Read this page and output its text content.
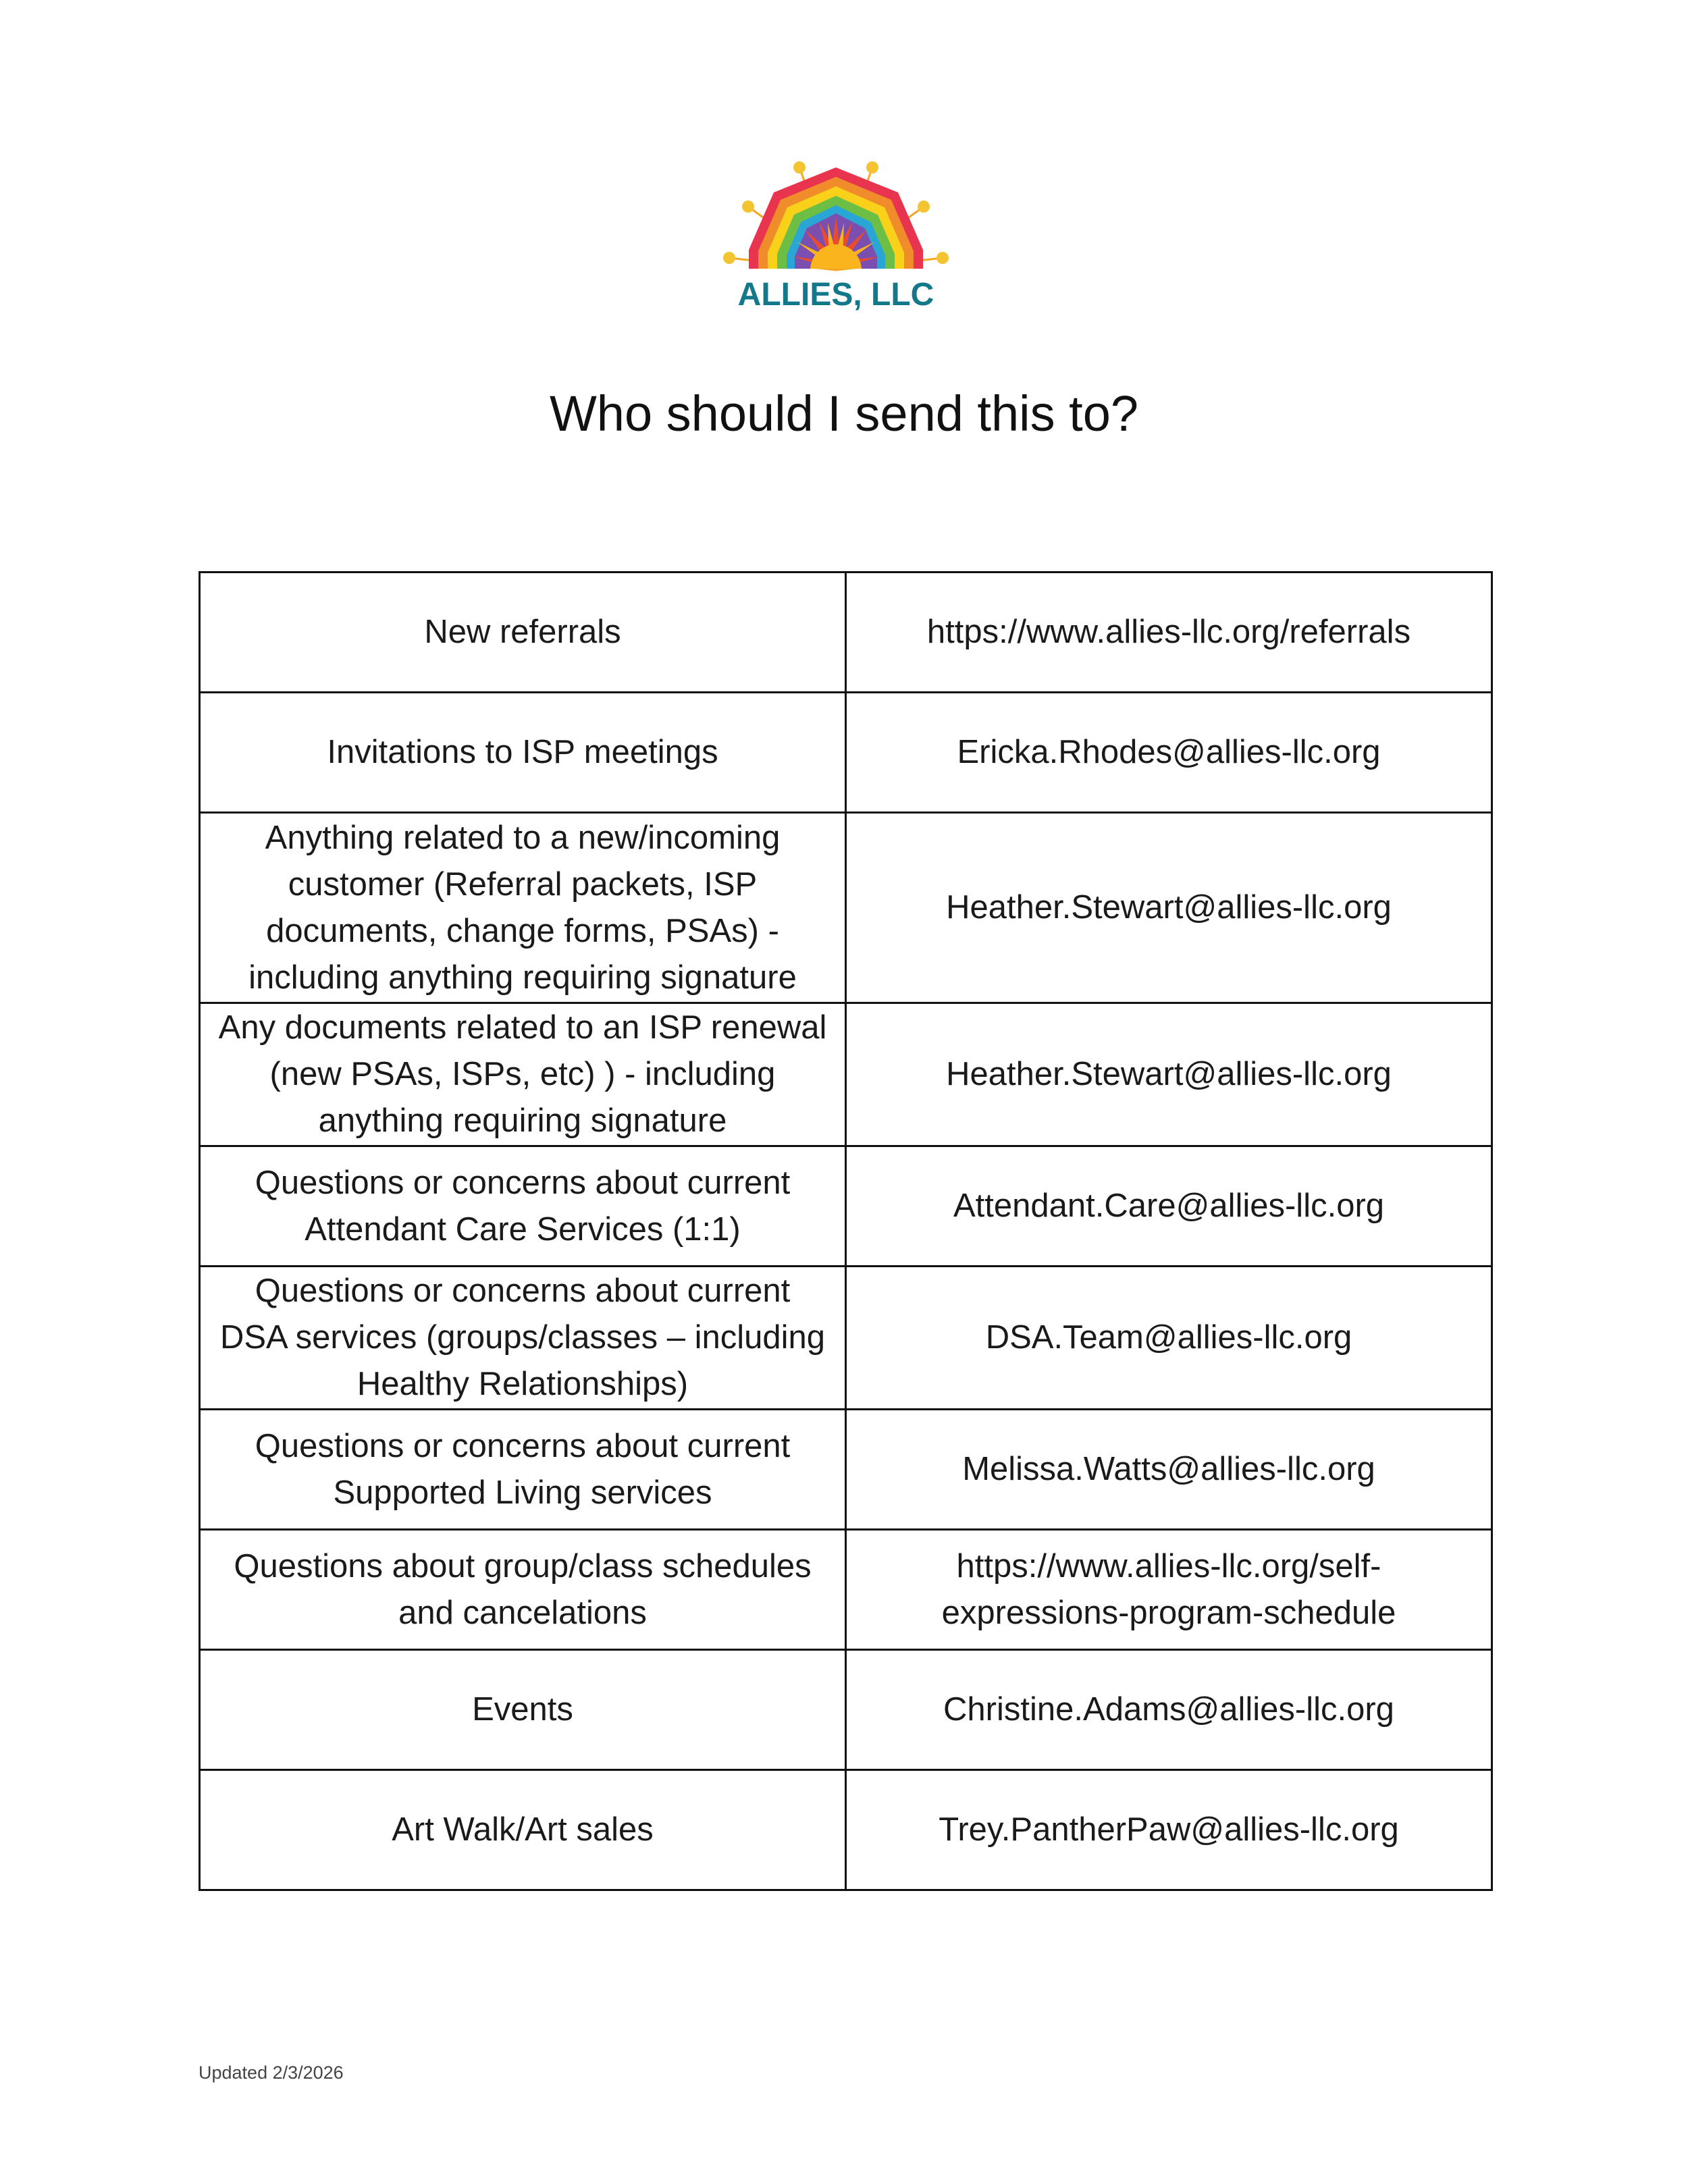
ALLIES, LLC
Who should I send this to?
New referrals	https://www.allies-llc.org/referrals
Invitations to ISP meetings	Ericka.Rhodes@allies-llc.org
Anything related to a new/incoming customer (Referral packets, ISP documents, change forms, PSAs) - including anything requiring signature	Heather.Stewart@allies-llc.org
Any documents related to an ISP renewal (new PSAs, ISPs, etc) ) - including anything requiring signature	Heather.Stewart@allies-llc.org
Questions or concerns about current Attendant Care Services (1:1)	Attendant.Care@allies-llc.org
Questions or concerns about current DSA services (groups/classes – including Healthy Relationships)	DSA.Team@allies-llc.org
Questions or concerns about current Supported Living services	Melissa.Watts@allies-llc.org
Questions about group/class schedules and cancelations	https://www.allies-llc.org/self-expressions-program-schedule
Events	Christine.Adams@allies-llc.org
Art Walk/Art sales	Trey.PantherPaw@allies-llc.org
Updated 2/3/2026
